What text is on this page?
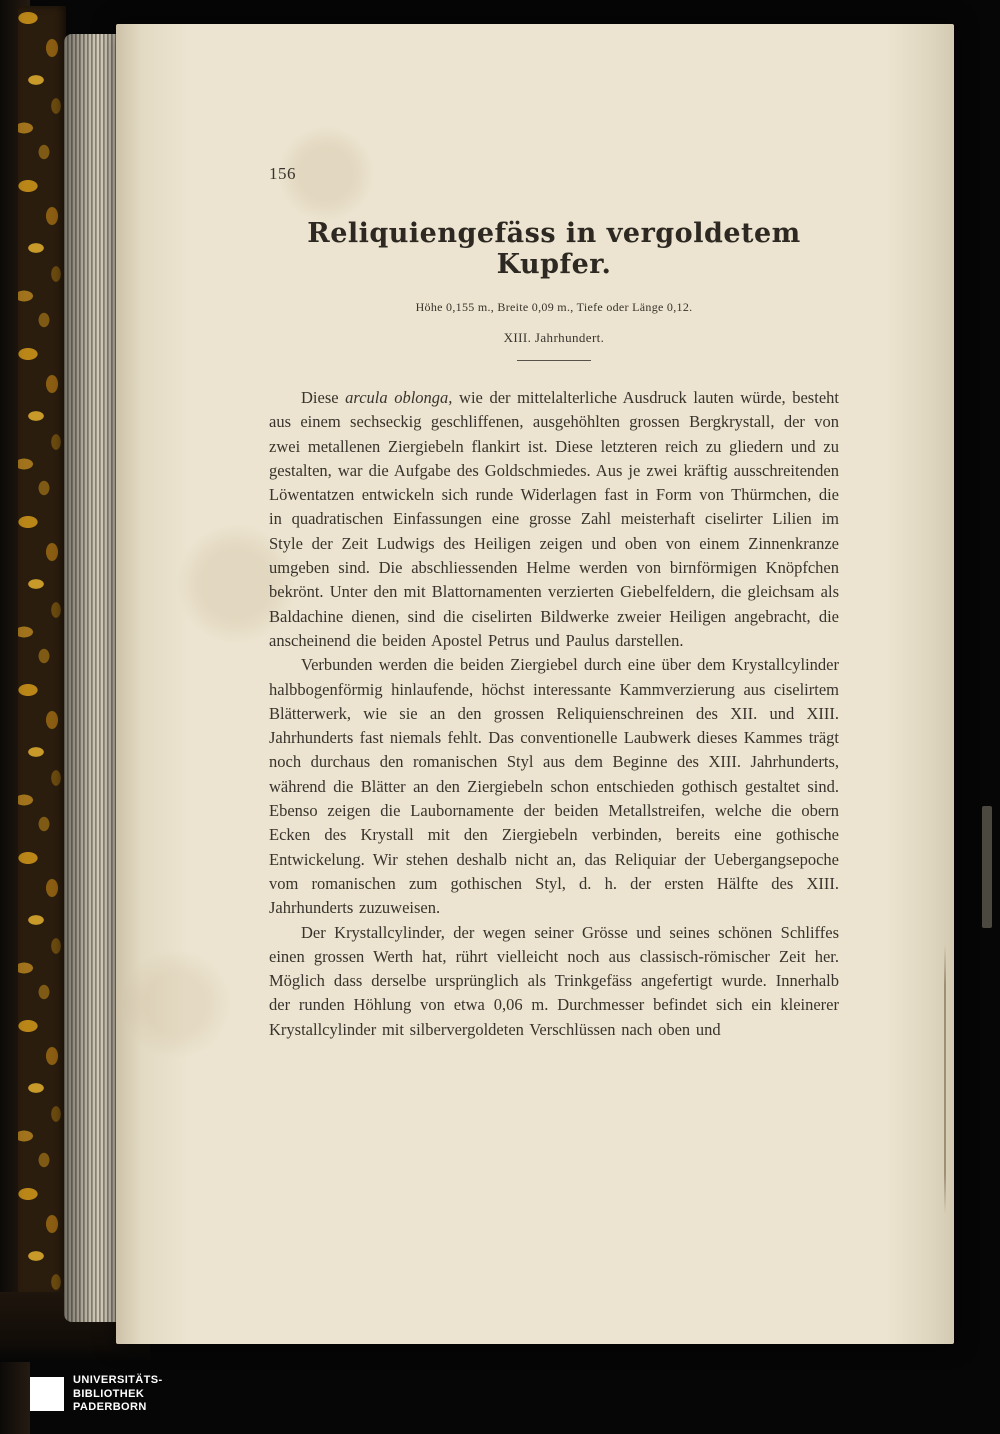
156
Reliquiengefäss in vergoldetem Kupfer.
Höhe 0,155 m., Breite 0,09 m., Tiefe oder Länge 0,12.
XIII. Jahrhundert.

Diese arcula oblonga, wie der mittelalterliche Ausdruck lauten würde, besteht aus einem sechseckig geschliffenen, ausgehöhlten grossen Bergkrystall, der von zwei metallenen Ziergiebeln flankirt ist. Diese letzteren reich zu gliedern und zu gestalten, war die Aufgabe des Goldschmiedes. Aus je zwei kräftig ausschreitenden Löwentatzen entwickeln sich runde Widerlagen fast in Form von Thürmchen, die in quadratischen Einfassungen eine grosse Zahl meisterhaft ciselirter Lilien im Style der Zeit Ludwigs des Heiligen zeigen und oben von einem Zinnenkranze umgeben sind. Die abschliessenden Helme werden von birnförmigen Knöpfchen bekrönt. Unter den mit Blattornamenten verzierten Giebelfeldern, die gleichsam als Baldachine dienen, sind die ciselirten Bildwerke zweier Heiligen angebracht, die anscheinend die beiden Apostel Petrus und Paulus darstellen.

Verbunden werden die beiden Ziergiebel durch eine über dem Krystallcylinder halbbogenförmig hinlaufende, höchst interessante Kammverzierung aus ciselirtem Blätterwerk, wie sie an den grossen Reliquienschreinen des XII. und XIII. Jahrhunderts fast niemals fehlt. Das conventionelle Laubwerk dieses Kammes trägt noch durchaus den romanischen Styl aus dem Beginne des XIII. Jahrhunderts, während die Blätter an den Ziergiebeln schon entschieden gothisch gestaltet sind. Ebenso zeigen die Laubornamente der beiden Metallstreifen, welche die obern Ecken des Krystall mit den Ziergiebeln verbinden, bereits eine gothische Entwickelung. Wir stehen deshalb nicht an, das Reliquiar der Uebergangsepoche vom romanischen zum gothischen Styl, d. h. der ersten Hälfte des XIII. Jahrhunderts zuzuweisen.

Der Krystallcylinder, der wegen seiner Grösse und seines schönen Schliffes einen grossen Werth hat, rührt vielleicht noch aus classisch-römischer Zeit her. Möglich dass derselbe ursprünglich als Trinkgefäss angefertigt wurde. Innerhalb der runden Höhlung von etwa 0,06 m. Durchmesser befindet sich ein kleinerer Krystallcylinder mit silbervergoldeten Verschlüssen nach oben und

UNIVERSITÄTS-
BIBLIOTHEK
PADERBORN
